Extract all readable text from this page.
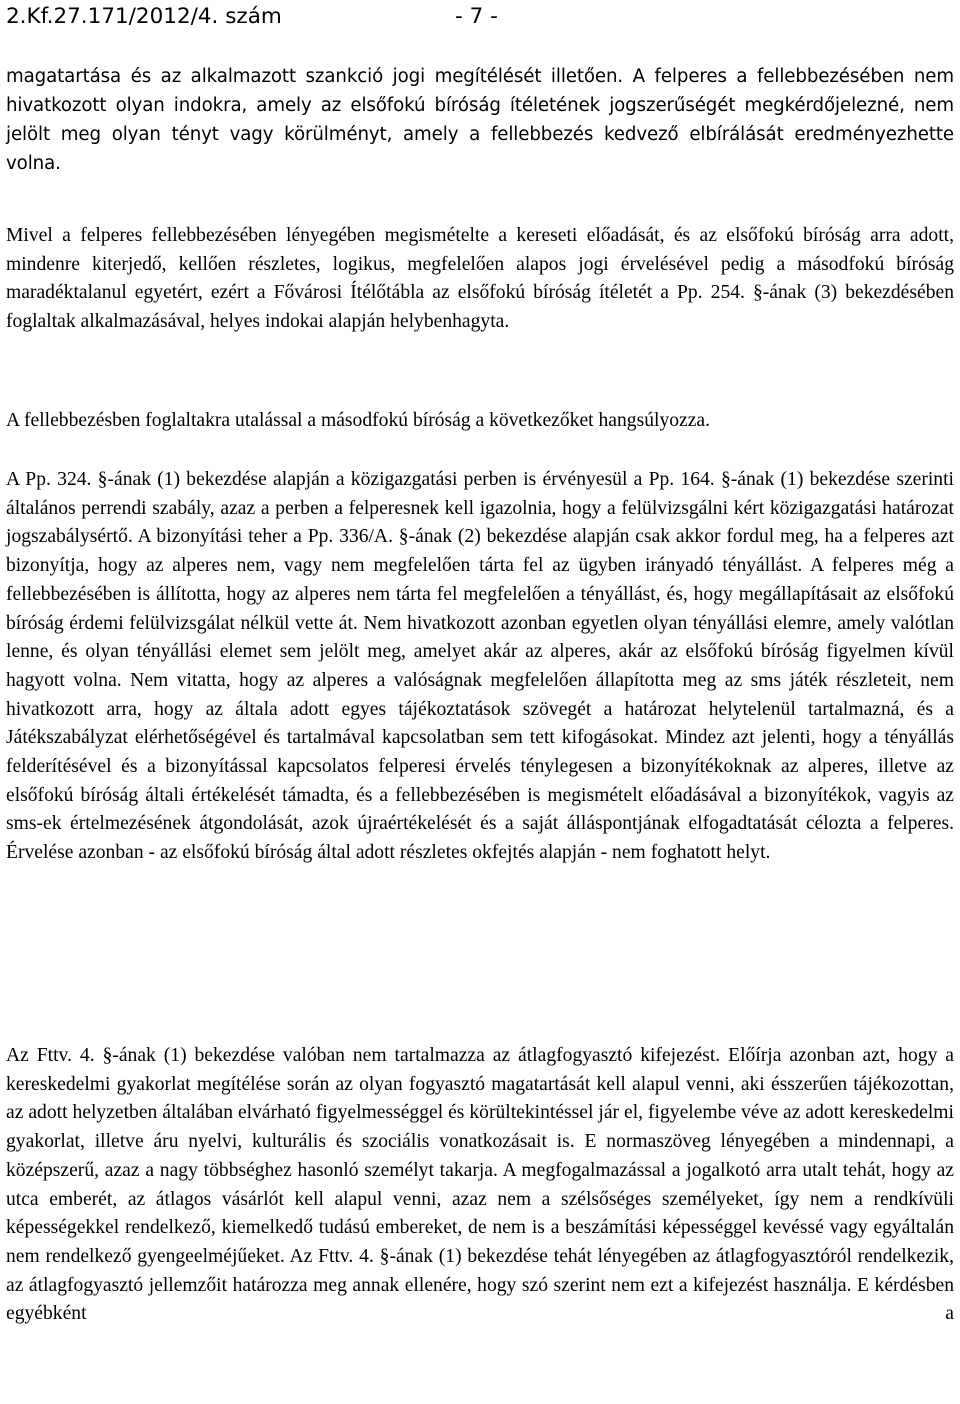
2.Kf.27.171/2012/4. szám	- 7 -

magatartása és az alkalmazott szankció jogi megítélését illetően. A felperes a fellebbezésében nem hivatkozott olyan indokra, amely az elsőfokú bíróság ítéletének jogszerűségét megkérdőjelezné, nem jelölt meg olyan tényt vagy körülményt, amely a fellebbezés kedvező elbírálását eredményezhette volna.

Mivel a felperes fellebbezésében lényegében megismételte a kereseti előadását, és az elsőfokú bíróság arra adott, mindenre kiterjedő, kellően részletes, logikus, megfelelően alapos jogi érvelésével pedig a másodfokú bíróság maradéktalanul egyetért, ezért a Fővárosi Ítélőtábla az elsőfokú bíróság ítéletét a Pp. 254. §-ának (3) bekezdésében foglaltak alkalmazásával, helyes indokai alapján helybenhagyta.

A fellebbezésben foglaltakra utalással a másodfokú bíróság a következőket hangsúlyozza.

A Pp. 324. §-ának (1) bekezdése alapján a közigazgatási perben is érvényesül a Pp. 164. §-ának (1) bekezdése szerinti általános perrendi szabály, azaz a perben a felperesnek kell igazolnia, hogy a felülvizsgálni kért közigazgatási határozat jogszabálysértő. A bizonyítási teher a Pp. 336/A. §-ának (2) bekezdése alapján csak akkor fordul meg, ha a felperes azt bizonyítja, hogy az alperes nem, vagy nem megfelelően tárta fel az ügyben irányadó tényállást. A felperes még a fellebbezésében is állította, hogy az alperes nem tárta fel megfelelően a tényállást, és, hogy megállapításait az elsőfokú bíróság érdemi felülvizsgálat nélkül vette át. Nem hivatkozott azonban egyetlen olyan tényállási elemre, amely valótlan lenne, és olyan tényállási elemet sem jelölt meg, amelyet akár az alperes, akár az elsőfokú bíróság figyelmen kívül hagyott volna. Nem vitatta, hogy az alperes a valóságnak megfelelően állapította meg az sms játék részleteit, nem hivatkozott arra, hogy az általa adott egyes tájékoztatások szövegét a határozat helytelenül tartalmazná, és a Játékszabályzat elérhetőségével és tartalmával kapcsolatban sem tett kifogásokat. Mindez azt jelenti, hogy a tényállás felderítésével és a bizonyítással kapcsolatos felperesi érvelés ténylegesen a bizonyítékoknak az alperes, illetve az elsőfokú bíróság általi értékelését támadta, és a fellebbezésében is megismételt előadásával a bizonyítékok, vagyis az sms-ek értelmezésének átgondolását, azok újraértékelését és a saját álláspontjának elfogadtatását célozta a felperes. Érvelése azonban - az elsőfokú bíróság által adott részletes okfejtés alapján - nem foghatott helyt.

Az Fttv. 4. §-ának (1) bekezdése valóban nem tartalmazza az átlagfogyasztó kifejezést. Előírja azonban azt, hogy a kereskedelmi gyakorlat megítélése során az olyan fogyasztó magatartását kell alapul venni, aki ésszerűen tájékozottan, az adott helyzetben általában elvárható figyelmességgel és körültekintéssel jár el, figyelembe véve az adott kereskedelmi gyakorlat, illetve áru nyelvi, kulturális és szociális vonatkozásait is. E normaszöveg lényegében a mindennapi, a középszerű, azaz a nagy többséghez hasonló személyt takarja. A megfogalmazással a jogalkotó arra utalt tehát, hogy az utca emberét, az átlagos vásárlót kell alapul venni, azaz nem a szélsőséges személyeket, így nem a rendkívüli képességekkel rendelkező, kiemelkedő tudású embereket, de nem is a beszámítási képességgel kevéssé vagy egyáltalán nem rendelkező gyengeelméjűeket. Az Fttv. 4. §-ának (1) bekezdése tehát lényegében az átlagfogyasztóról rendelkezik, az átlagfogyasztó jellemzőit határozza meg annak ellenére, hogy szó szerint nem ezt a kifejezést használja. E kérdésben egyébként a
